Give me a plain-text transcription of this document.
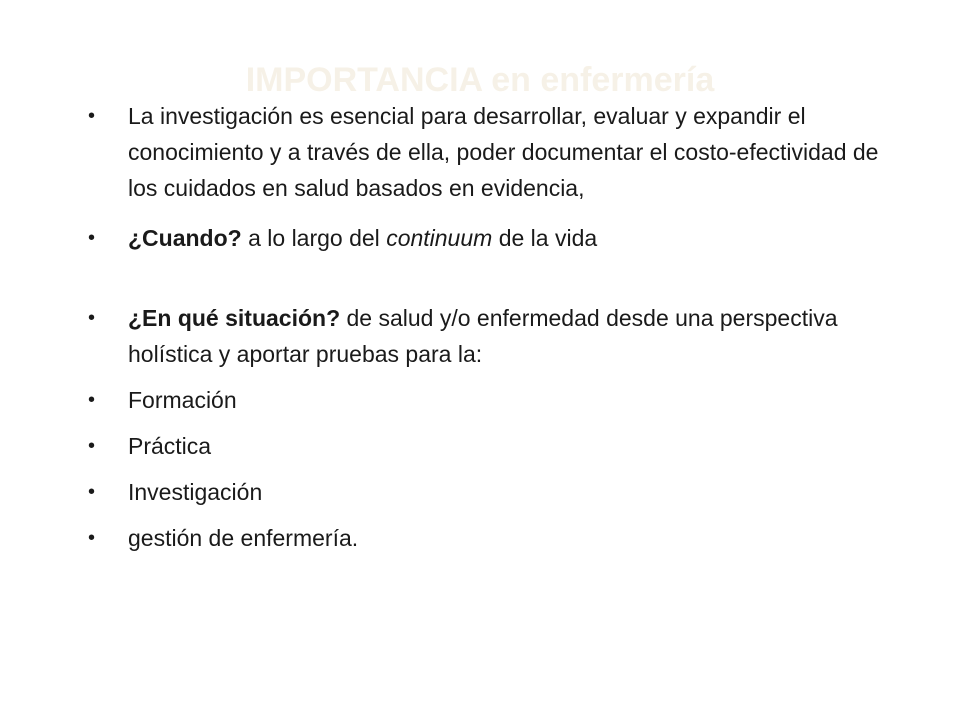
IMPORTANCIA en enfermería
•	La investigación es esencial para desarrollar, evaluar y expandir el conocimiento y a través de ella, poder documentar el costo-efectividad de los cuidados en salud basados en evidencia,
•	¿Cuando? a lo largo del continuum de la vida
•	¿En qué situación? de salud y/o enfermedad desde una perspectiva holística y aportar pruebas para la:
•	Formación
•	Práctica
•	Investigación
•	gestión de enfermería.
